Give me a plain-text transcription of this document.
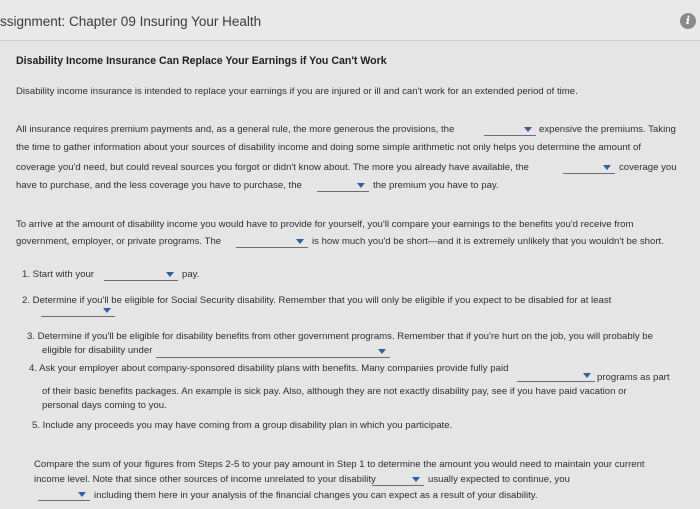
ssignment: Chapter 09 Insuring Your Health	i
Disability Income Insurance Can Replace Your Earnings if You Can't Work
Disability income insurance is intended to replace your earnings if you are injured or ill and can't work for an extended period of time.
All insurance requires premium payments and, as a general rule, the more generous the provisions, the	expensive the premiums. Taking
the time to gather information about your sources of disability income and doing some simple arithmetic not only helps you determine the amount of
coverage you'd need, but could reveal sources you forgot or didn't know about. The more you already have available, the	coverage you
have to purchase, and the less coverage you have to purchase, the	the premium you have to pay.
To arrive at the amount of disability income you would have to provide for yourself, you'll compare your earnings to the benefits you'd receive from
government, employer, or private programs. The	is how much you'd be short—and it is extremely unlikely that you wouldn't be short.
1. Start with your	pay.
2. Determine if you'll be eligible for Social Security disability. Remember that you will only be eligible if you expect to be disabled for at least
3. Determine if you'll be eligible for disability benefits from other government programs. Remember that if you're hurt on the job, you will probably be
eligible for disability under
4. Ask your employer about company-sponsored disability plans with benefits. Many companies provide fully paid
programs as part
of their basic benefits packages. An example is sick pay. Also, although they are not exactly disability pay, see if you have paid vacation or
personal days coming to you.
5. Include any proceeds you may have coming from a group disability plan in which you participate.
Compare the sum of your figures from Steps 2-5 to your pay amount in Step 1 to determine the amount you would need to maintain your current
income level. Note that since other sources of income unrelated to your disability	usually expected to continue, you
including them here in your analysis of the financial changes you can expect as a result of your disability.
